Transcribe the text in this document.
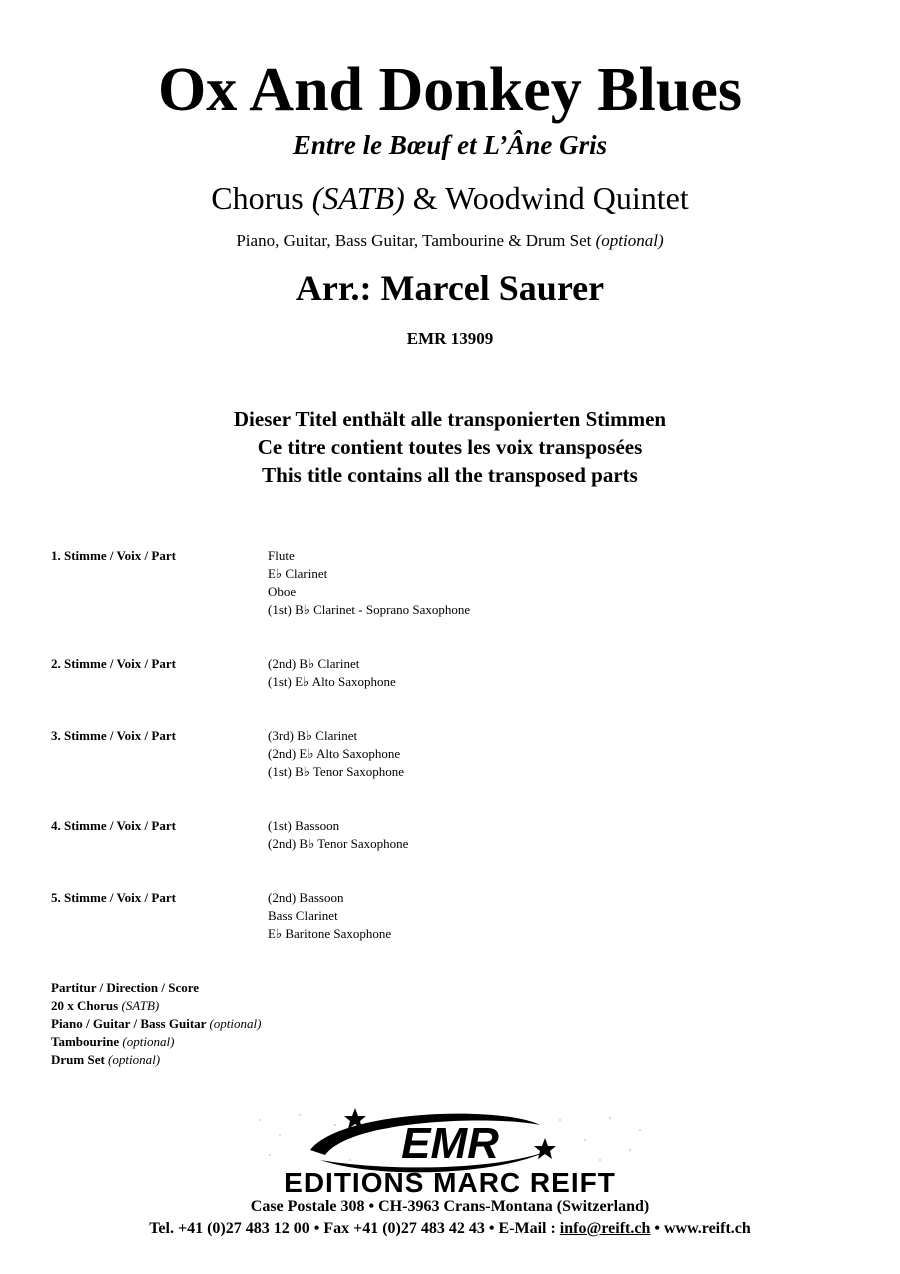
Ox And Donkey Blues
Entre le Bœuf et L’Âne Gris
Chorus (SATB) & Woodwind Quintet
Piano, Guitar, Bass Guitar, Tambourine & Drum Set (optional)
Arr.: Marcel Saurer
EMR 13909
Dieser Titel enthält alle transponierten Stimmen
Ce titre contient toutes les voix transposées
This title contains all the transposed parts
1. Stimme / Voix / Part	Flute
E♭ Clarinet
Oboe
(1st) B♭ Clarinet - Soprano Saxophone
2. Stimme / Voix / Part	(2nd) B♭ Clarinet
(1st) E♭ Alto Saxophone
3. Stimme / Voix / Part	(3rd) B♭ Clarinet
(2nd) E♭ Alto Saxophone
(1st) B♭ Tenor Saxophone
4. Stimme / Voix / Part	(1st) Bassoon
(2nd) B♭ Tenor Saxophone
5. Stimme / Voix / Part	(2nd) Bassoon
Bass Clarinet
E♭ Baritone Saxophone
Partitur / Direction / Score
20 x Chorus (SATB)
Piano / Guitar / Bass Guitar (optional)
Tambourine (optional)
Drum Set (optional)
EMR
EDITIONS MARC REIFT
Case Postale 308 • CH-3963 Crans-Montana (Switzerland)
Tel. +41 (0)27 483 12 00 • Fax +41 (0)27 483 42 43 • E-Mail : info@reift.ch • www.reift.ch
